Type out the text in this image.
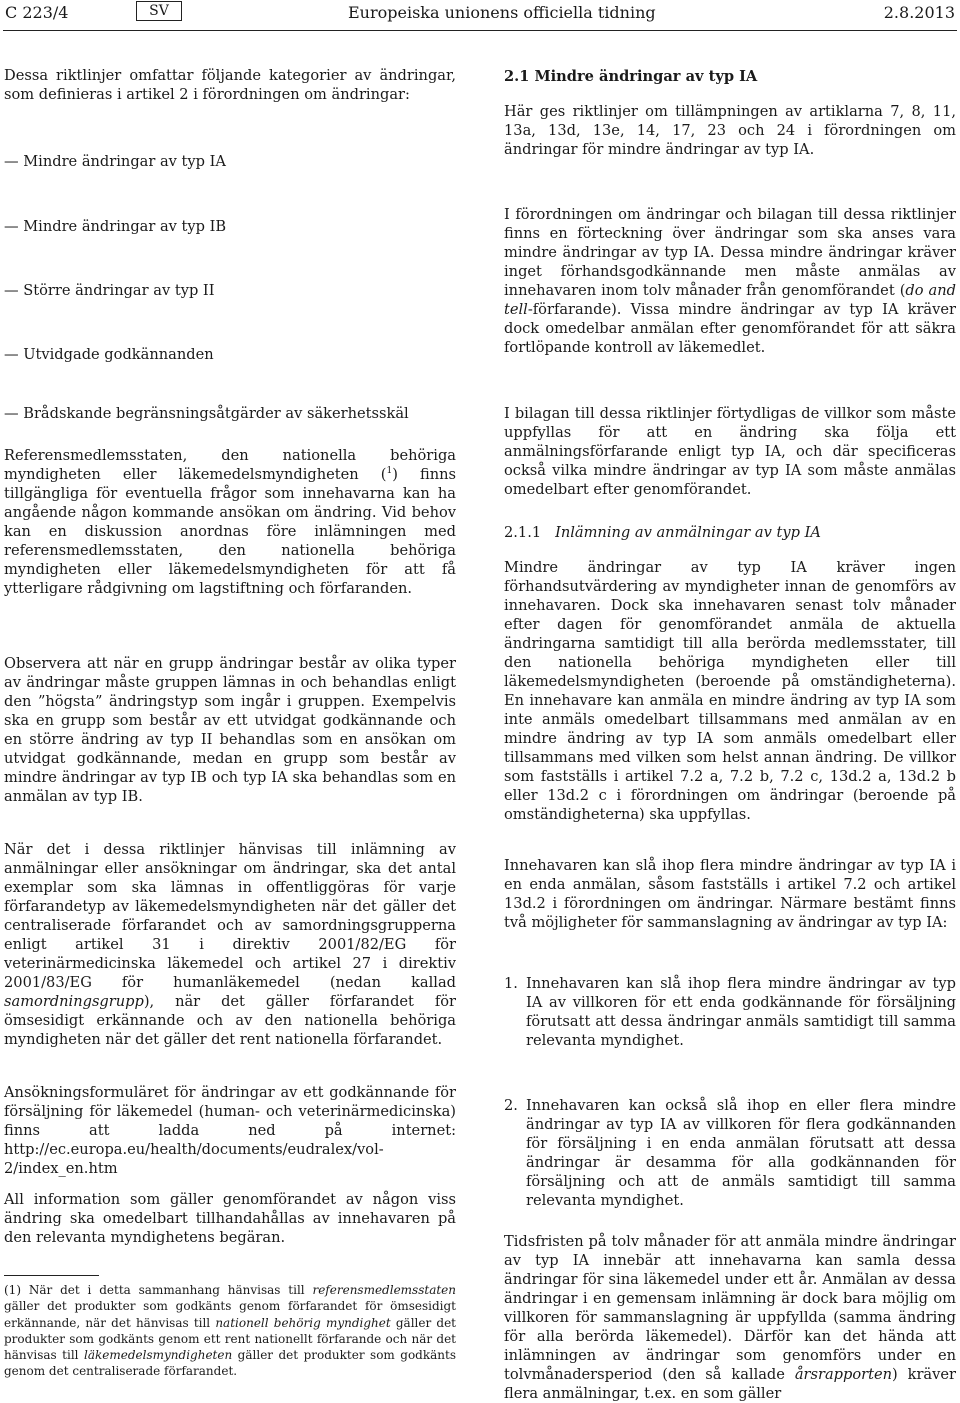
C 223/4	SV	Europeiska unionens officiella tidning	2.8.2013

Dessa riktlinjer omfattar följande kategorier av ändringar, som definieras i artikel 2 i förordningen om ändringar:

— Mindre ändringar av typ IA

— Mindre ändringar av typ IB

— Större ändringar av typ II

— Utvidgade godkännanden

— Brådskande begränsningsåtgärder av säkerhetsskäl

Referensmedlemsstaten, den nationella behöriga myndigheten eller läkemedelsmyndigheten ($^1$) finns tillgängliga för eventuella frågor som innehavarna kan ha angående någon kommande ansökan om ändring. Vid behov kan en diskussion anordnas före inlämningen med referensmedlemsstaten, den nationella behöriga myndigheten eller läkemedelsmyndigheten för att få ytterligare rådgivning om lagstiftning och förfaranden.

Observera att när en grupp ändringar består av olika typer av ändringar måste gruppen lämnas in och behandlas enligt den ”högsta” ändringstyp som ingår i gruppen. Exempelvis ska en grupp som består av ett utvidgat godkännande och en större ändring av typ II behandlas som en ansökan om utvidgat godkännande, medan en grupp som består av mindre ändringar av typ IB och typ IA ska behandlas som en anmälan av typ IB.

När det i dessa riktlinjer hänvisas till inlämning av anmälningar eller ansökningar om ändringar, ska det antal exemplar som ska lämnas in offentliggöras för varje förfarandetyp av läkemedelsmyndigheten när det gäller det centraliserade förfarandet och av samordningsgrupperna enligt artikel 31 i direktiv 2001/82/EG för veterinärmedicinska läkemedel och artikel 27 i direktiv 2001/83/EG för humanläkemedel (nedan kallad samordningsgrupp), när det gäller förfarandet för ömsesidigt erkännande och av den nationella behöriga myndigheten när det gäller det rent nationella förfarandet.

Ansökningsformuläret för ändringar av ett godkännande för försäljning för läkemedel (human- och veterinärmedicinska) finns att ladda ned på internet: http://ec.europa.eu/health/documents/eudralex/vol-2/index_en.htm

All information som gäller genomförandet av någon viss ändring ska omedelbart tillhandahållas av innehavaren på den relevanta myndighetens begäran.

(1) När det i detta sammanhang hänvisas till referensmedlemsstaten gäller det produkter som godkänts genom förfarandet för ömsesidigt erkännande, när det hänvisas till nationell behörig myndighet gäller det produkter som godkänts genom ett rent nationellt förfarande och när det hänvisas till läkemedelsmyndigheten gäller det produkter som godkänts genom det centraliserade förfarandet.

2.1 Mindre ändringar av typ IA

Här ges riktlinjer om tillämpningen av artiklarna 7, 8, 11, 13a, 13d, 13e, 14, 17, 23 och 24 i förordningen om ändringar för mindre ändringar av typ IA.

I förordningen om ändringar och bilagan till dessa riktlinjer finns en förteckning över ändringar som ska anses vara mindre ändringar av typ IA. Dessa mindre ändringar kräver inget förhandsgodkännande men måste anmälas av innehavaren inom tolv månader från genomförandet (do and tell-förfarande). Vissa mindre ändringar av typ IA kräver dock omedelbar anmälan efter genomförandet för att säkra fortlöpande kontroll av läkemedlet.

I bilagan till dessa riktlinjer förtydligas de villkor som måste uppfyllas för att en ändring ska följa ett anmälningsförfarande enligt typ IA, och där specificeras också vilka mindre ändringar av typ IA som måste anmälas omedelbart efter genomförandet.

2.1.1 Inlämning av anmälningar av typ IA

Mindre ändringar av typ IA kräver ingen förhandsutvärdering av myndigheter innan de genomförs av innehavaren. Dock ska innehavaren senast tolv månader efter dagen för genomförandet anmäla de aktuella ändringarna samtidigt till alla berörda medlemsstater, till den nationella behöriga myndigheten eller till läkemedelsmyndigheten (beroende på omständigheterna). En innehavare kan anmäla en mindre ändring av typ IA som inte anmäls omedelbart tillsammans med anmälan av en mindre ändring av typ IA som anmäls omedelbart eller tillsammans med vilken som helst annan ändring. De villkor som fastställs i artikel 7.2 a, 7.2 b, 7.2 c, 13d.2 a, 13d.2 b eller 13d.2 c i förordningen om ändringar (beroende på omständigheterna) ska uppfyllas.

Innehavaren kan slå ihop flera mindre ändringar av typ IA i en enda anmälan, såsom fastställs i artikel 7.2 och artikel 13d.2 i förordningen om ändringar. Närmare bestämt finns två möjligheter för sammanslagning av ändringar av typ IA:

1. Innehavaren kan slå ihop flera mindre ändringar av typ IA av villkoren för ett enda godkännande för försäljning förutsatt att dessa ändringar anmäls samtidigt till samma relevanta myndighet.
2. Innehavaren kan också slå ihop en eller flera mindre ändringar av typ IA av villkoren för flera godkännanden för försäljning i en enda anmälan förutsatt att dessa ändringar är desamma för alla godkännanden för försäljning och att de anmäls samtidigt till samma relevanta myndighet.

Tidsfristen på tolv månader för att anmäla mindre ändringar av typ IA innebär att innehavarna kan samla dessa ändringar för sina läkemedel under ett år. Anmälan av dessa ändringar i en gemensam inlämning är dock bara möjlig om villkoren för sammanslagning är uppfyllda (samma ändring för alla berörda läkemedel). Därför kan det hända att inlämningen av ändringar som genomförs under en tolvmånadersperiod (den så kallade årsrapporten) kräver flera anmälningar, t.ex. en som gäller
